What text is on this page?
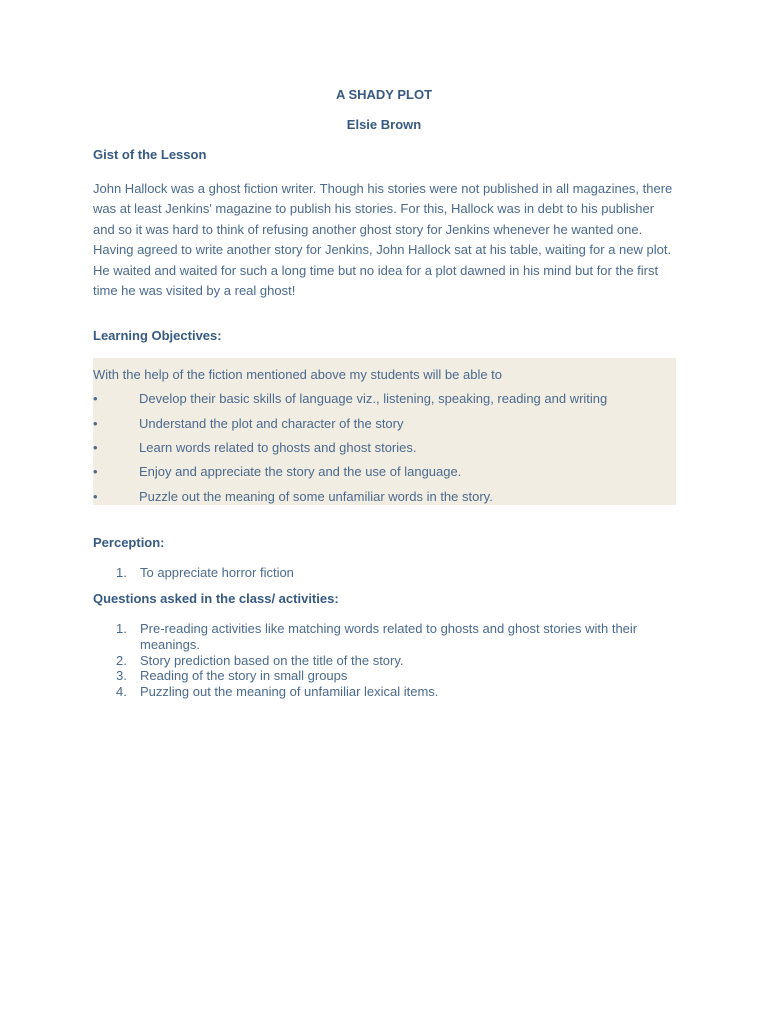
A SHADY PLOT
Elsie Brown
Gist of the Lesson
John Hallock was a ghost fiction writer. Though his stories were not published in all magazines, there was at least Jenkins' magazine to publish his stories. For this, Hallock was in debt to his publisher and so it was hard to think of refusing another ghost story for Jenkins whenever he wanted one. Having agreed to write another story for Jenkins, John Hallock sat at his table, waiting for a new plot. He waited and waited for such a long time but no idea for a plot dawned in his mind but for the first time he was visited by a real ghost!
Learning Objectives:
With the help of the fiction mentioned above my students will be able to
•	Develop their basic skills of language viz., listening, speaking, reading and writing
•	Understand the plot and character of the story
•	Learn words related to ghosts and ghost stories.
•	Enjoy and appreciate the story and the use of language.
•	Puzzle out the meaning of some unfamiliar words in the story.
Perception:
1.	To appreciate horror fiction
Questions asked in the class/ activities:
1.	Pre-reading activities like matching words related to ghosts and ghost stories with their meanings.
2.	Story prediction based on the title of the story.
3.	Reading of the story in small groups
4.	Puzzling out the meaning of unfamiliar lexical items.
